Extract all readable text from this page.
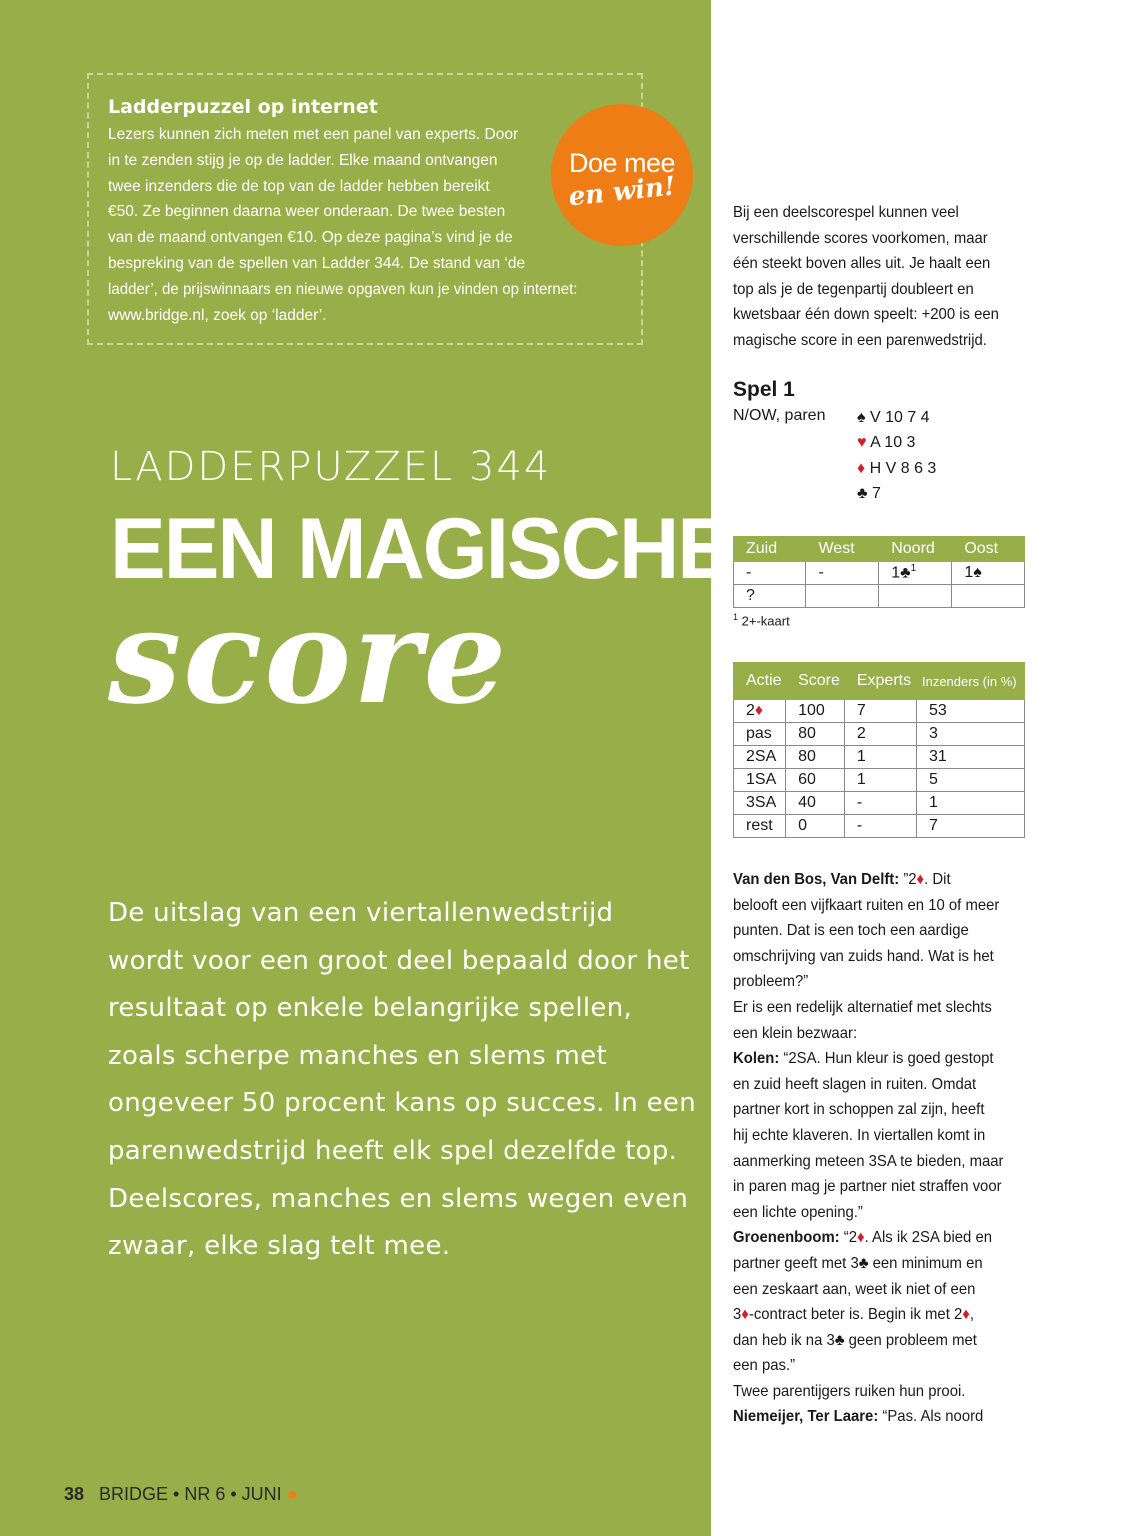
Ladderpuzzel op internet
Lezers kunnen zich meten met een panel van experts. Door
in te zenden stijg je op de ladder. Elke maand ontvangen
twee inzenders die de top van de ladder hebben bereikt
€50. Ze beginnen daarna weer onderaan. De twee besten
van de maand ontvangen €10. Op deze pagina’s vind je de
bespreking van de spellen van Ladder 344. De stand van ‘de
ladder’, de prijswinnaars en nieuwe opgaven kun je vinden op internet:
www.bridge.nl, zoek op ‘ladder’.
Doe mee
en win!
LADDERPUZZEL 344
EEN MAGISCHE
score
De uitslag van een viertallenwedstrijd
wordt voor een groot deel bepaald door het
resultaat op enkele belangrijke spellen,
zoals scherpe manches en slems met
ongeveer 50 procent kans op succes. In een
parenwedstrijd heeft elk spel dezelfde top.
Deelscores, manches en slems wegen even
zwaar, elke slag telt mee.
38 BRIDGE • NR 6 • JUNI ●
Bij een deelscorespel kunnen veel
verschillende scores voorkomen, maar
één steekt boven alles uit. Je haalt een
top als je de tegenpartij doubleert en
kwetsbaar één down speelt: +200 is een
magische score in een parenwedstrijd.
Spel 1
N/OW, paren ♠ V 10 7 4
♥ A 10 3
♦ H V 8 6 3
♣ 7
Zuid	West	Noord	Oost
-	-	1♣$^1$	1♠
?			
$^1$ 2+-kaart
Actie	Score	Experts	Inzenders (in %)
2♦	100	7	53
pas	80	2	3
2SA	80	1	31
1SA	60	1	5
3SA	40	-	1
rest	0	-	7
Van den Bos, Van Delft: ”2♦. Dit
belooft een vijfkaart ruiten en 10 of meer
punten. Dat is een toch een aardige
omschrijving van zuids hand. Wat is het
probleem?”
Er is een redelijk alternatief met slechts
een klein bezwaar:
Kolen: “2SA. Hun kleur is goed gestopt
en zuid heeft slagen in ruiten. Omdat
partner kort in schoppen zal zijn, heeft
hij echte klaveren. In viertallen komt in
aanmerking meteen 3SA te bieden, maar
in paren mag je partner niet straffen voor
een lichte opening.”
Groenenboom: “2♦. Als ik 2SA bied en
partner geeft met 3♣ een minimum en
een zeskaart aan, weet ik niet of een
3♦-contract beter is. Begin ik met 2♦,
dan heb ik na 3♣ geen probleem met
een pas.”
Twee parentijgers ruiken hun prooi.
Niemeijer, Ter Laare: “Pas. Als noord
